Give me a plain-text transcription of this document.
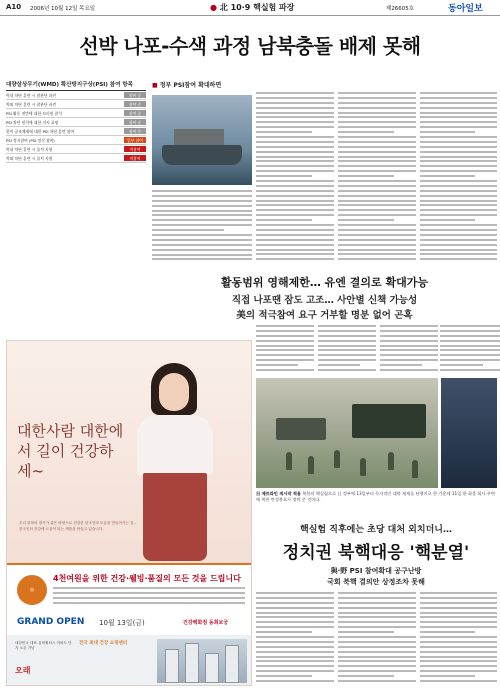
A10 2006년 10월 12일 목요일	● 北 10·9 핵실험 파장	제26605호	동아일보
선박 나포-수색 과정 남북충돌 배제 못해
대량살상무기(WMD) 확산방지구상(PSI) 참여 항목
역내 차단 훈련 시 참관단 파견	참여 중
역외 차단 훈련 시 참관단 파견	참여 중
PSI 활동 전반에 대한 브리핑 참석	참여 중
PSI 차단 원칙에 대한 지지 표명	참여 중
한미 공조체제에 대한 PSI 차단 훈련 참여	참여 중
PSI 정식참여 (PSI 정식 참여)	일부 참여
역내 차단 훈련 시 물적 지원	미참여
역외 차단 훈련 시 물적 지원	미참여
■ 정부 PSI참여 확대하면
활동범위 영해제한… 유엔 결의로 확대가능
직접 나포땐 잠도 고조… 사안별 신책 가능성
美의 적극참여 요구 거부할 명분 없어 곤혹
日 제트라인 적시작 적용 북한의 핵실험으로 日 정부에 13일부터 독자적인 대북 제재를 단행키로 한 가운데 11일 한 화물 회사 주변에 북한 만경봉호가 정박 중 것이다.
핵실험 직후에는 초당 대처 외치더니…
정치권 북핵대응 '핵분열'
與·野 PSI 참여확대 공구난방
국회 북핵 결의안 상정조차 못해
대한사람 대한에서 길이 건강하세~
우리 한복의 장기가 좋은 바탕으로 건강한 한국인의 모습을 만들어가는 것 – 한국인의 건강에 도움이 되는 제품을 만들고 있습니다.
◎
4천여원을 위한 건강·웰빙·품질의 모든 것을 드립니다
GRAND OPEN 10월 13일(금)	건강백화점 동희보궁
대한민국 대표 유비쿼터스 아파트 단지 오픈 기념
오래
전국 최대 건강 쇼핑센터
